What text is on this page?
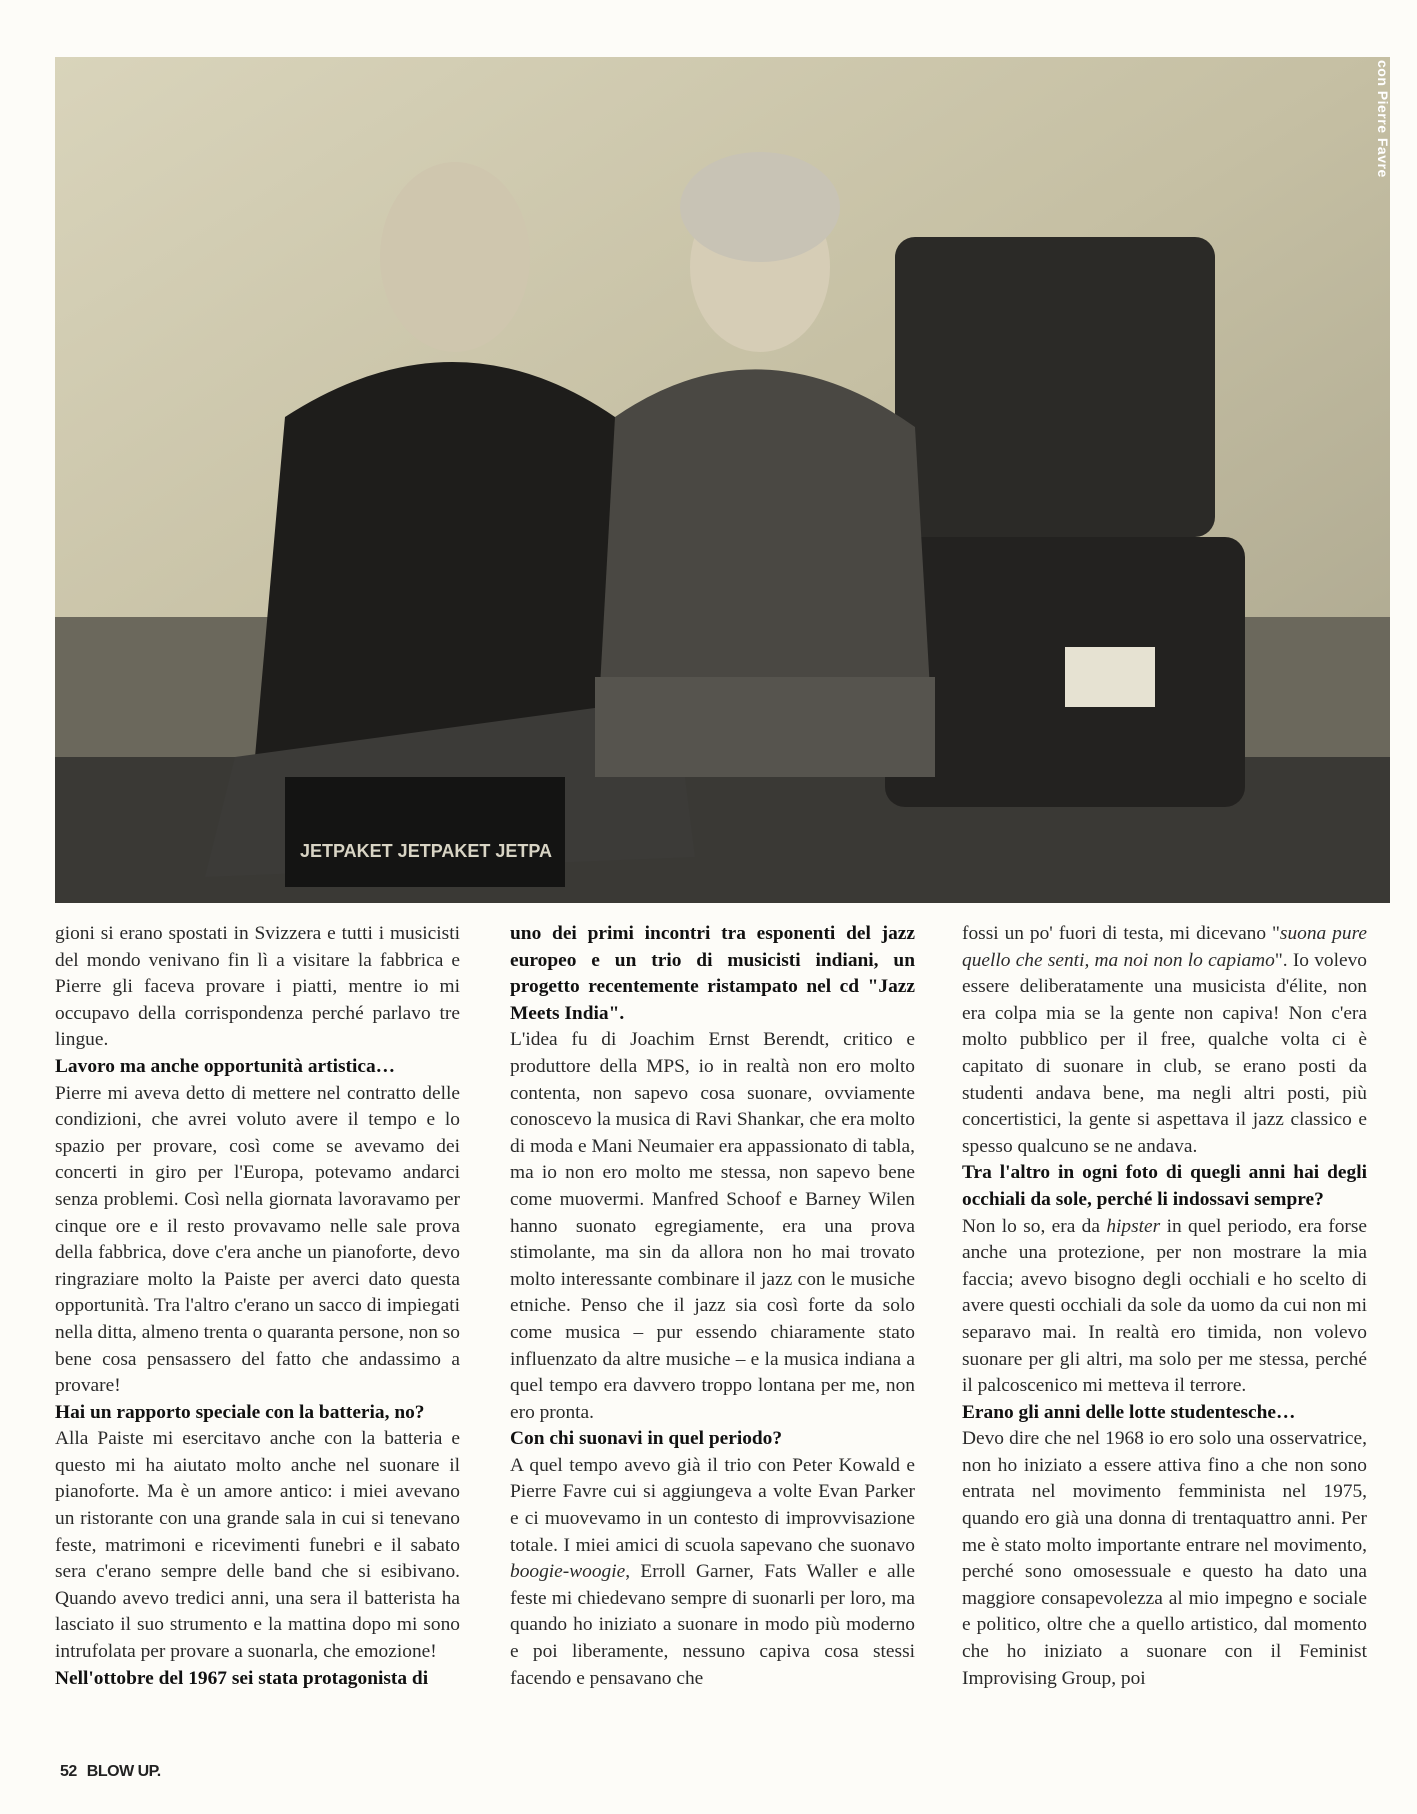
JETPAKET JETPAKET JETPA
con Pierre Favre

gioni si erano spostati in Svizzera e tutti i musicisti del mondo venivano fin lì a visitare la fabbrica e Pierre gli faceva provare i piatti, mentre io mi occupavo della corrispondenza perché parlavo tre lingue.

Lavoro ma anche opportunità artistica…

Pierre mi aveva detto di mettere nel contratto delle condizioni, che avrei voluto avere il tempo e lo spazio per provare, così come se avevamo dei concerti in giro per l'Europa, potevamo andarci senza problemi. Così nella giornata lavoravamo per cinque ore e il resto provavamo nelle sale prova della fabbrica, dove c'era anche un pianoforte, devo ringraziare molto la Paiste per averci dato questa opportunità. Tra l'altro c'erano un sacco di impiegati nella ditta, almeno trenta o quaranta persone, non so bene cosa pensassero del fatto che andassimo a provare!

Hai un rapporto speciale con la batteria, no?

Alla Paiste mi esercitavo anche con la batteria e questo mi ha aiutato molto anche nel suonare il pianoforte. Ma è un amore antico: i miei avevano un ristorante con una grande sala in cui si tenevano feste, matrimoni e ricevimenti funebri e il sabato sera c'erano sempre delle band che si esibivano. Quando avevo tredici anni, una sera il batterista ha lasciato il suo strumento e la mattina dopo mi sono intrufolata per provare a suonarla, che emozione!

Nell'ottobre del 1967 sei stata protagonista di

uno dei primi incontri tra esponenti del jazz europeo e un trio di musicisti indiani, un progetto recentemente ristampato nel cd "Jazz Meets India".

L'idea fu di Joachim Ernst Berendt, critico e produttore della MPS, io in realtà non ero molto contenta, non sapevo cosa suonare, ovviamente conoscevo la musica di Ravi Shankar, che era molto di moda e Mani Neumaier era appassionato di tabla, ma io non ero molto me stessa, non sapevo bene come muovermi. Manfred Schoof e Barney Wilen hanno suonato egregiamente, era una prova stimolante, ma sin da allora non ho mai trovato molto interessante combinare il jazz con le musiche etniche. Penso che il jazz sia così forte da solo come musica – pur essendo chiaramente stato influenzato da altre musiche – e la musica indiana a quel tempo era davvero troppo lontana per me, non ero pronta.

Con chi suonavi in quel periodo?

A quel tempo avevo già il trio con Peter Kowald e Pierre Favre cui si aggiungeva a volte Evan Parker e ci muovevamo in un contesto di improvvisazione totale. I miei amici di scuola sapevano che suonavo boogie-woogie, Erroll Garner, Fats Waller e alle feste mi chiedevano sempre di suonarli per loro, ma quando ho iniziato a suonare in modo più moderno e poi liberamente, nessuno capiva cosa stessi facendo e pensavano che

fossi un po' fuori di testa, mi dicevano "suona pure quello che senti, ma noi non lo capiamo". Io volevo essere deliberatamente una musicista d'élite, non era colpa mia se la gente non capiva! Non c'era molto pubblico per il free, qualche volta ci è capitato di suonare in club, se erano posti da studenti andava bene, ma negli altri posti, più concertistici, la gente si aspettava il jazz classico e spesso qualcuno se ne andava.

Tra l'altro in ogni foto di quegli anni hai degli occhiali da sole, perché li indossavi sempre?

Non lo so, era da hipster in quel periodo, era forse anche una protezione, per non mostrare la mia faccia; avevo bisogno degli occhiali e ho scelto di avere questi occhiali da sole da uomo da cui non mi separavo mai. In realtà ero timida, non volevo suonare per gli altri, ma solo per me stessa, perché il palcoscenico mi metteva il terrore.

Erano gli anni delle lotte studentesche…

Devo dire che nel 1968 io ero solo una osservatrice, non ho iniziato a essere attiva fino a che non sono entrata nel movimento femminista nel 1975, quando ero già una donna di trentaquattro anni. Per me è stato molto importante entrare nel movimento, perché sono omosessuale e questo ha dato una maggiore consapevolezza al mio impegno e sociale e politico, oltre che a quello artistico, dal momento che ho iniziato a suonare con il Feminist Improvising Group, poi

52 BLOW UP.
